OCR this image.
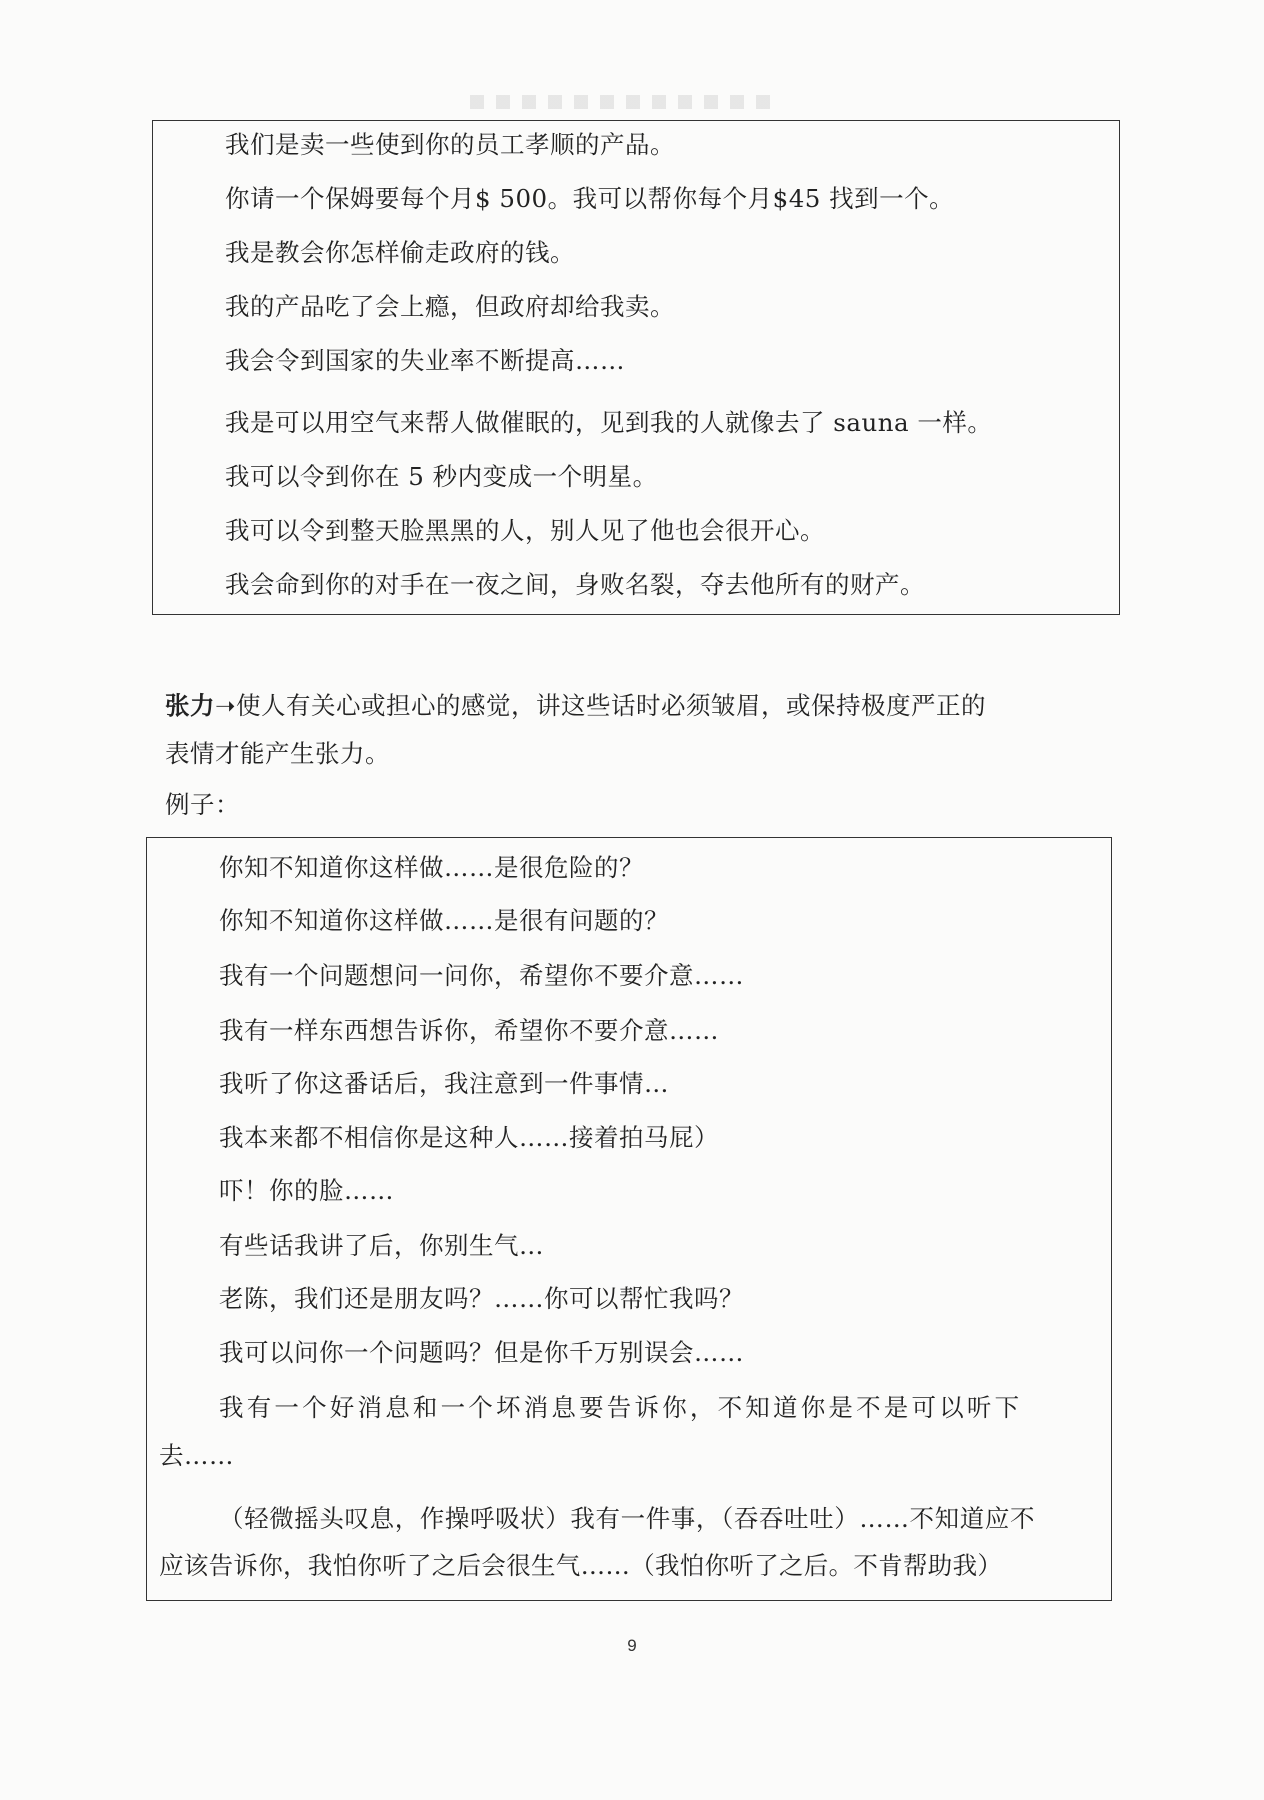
我们是卖一些使到你的员工孝顺的产品。
你请一个保姆要每个月$ 500。我可以帮你每个月$45 找到一个。
我是教会你怎样偷走政府的钱。
我的产品吃了会上瘾，但政府却给我卖。
我会令到国家的失业率不断提高……
我是可以用空气来帮人做催眠的，见到我的人就像去了 sauna 一样。
我可以令到你在 5 秒内变成一个明星。
我可以令到整天脸黑黑的人，别人见了他也会很开心。
我会命到你的对手在一夜之间，身败名裂，夺去他所有的财产。
张力➝使人有关心或担心的感觉，讲这些话时必须皱眉，或保持极度严正的
表情才能产生张力。
例子：
你知不知道你这样做……是很危险的？
你知不知道你这样做……是很有问题的？
我有一个问题想问一问你，希望你不要介意……
我有一样东西想告诉你，希望你不要介意……
我听了你这番话后，我注意到一件事情…
我本来都不相信你是这种人……接着拍马屁）
吓！你的脸……
有些话我讲了后，你别生气…
老陈，我们还是朋友吗？……你可以帮忙我吗？
我可以问你一个问题吗？但是你千万别误会……
我有一个好消息和一个坏消息要告诉你，不知道你是不是可以听下
去……
（轻微摇头叹息，作操呼吸状）我有一件事，（吞吞吐吐）……不知道应不
应该告诉你，我怕你听了之后会很生气……（我怕你听了之后。不肯帮助我）
9
